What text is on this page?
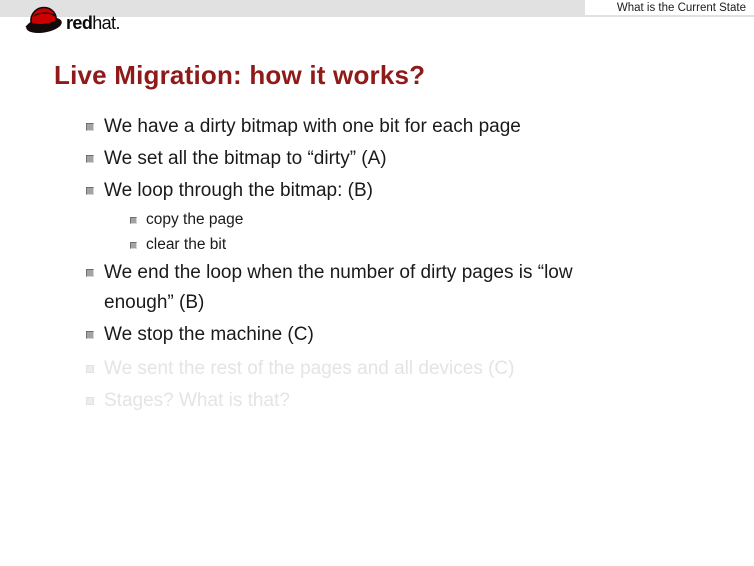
What is the Current State
redhat.
Live Migration: how it works?
We have a dirty bitmap with one bit for each page
We set all the bitmap to “dirty” (A)
We loop through the bitmap: (B)
copy the page
clear the bit
We end the loop when the number of dirty pages is “low enough” (B)
We stop the machine (C)
We sent the rest of the pages and all devices (C)
Stages? What is that?
